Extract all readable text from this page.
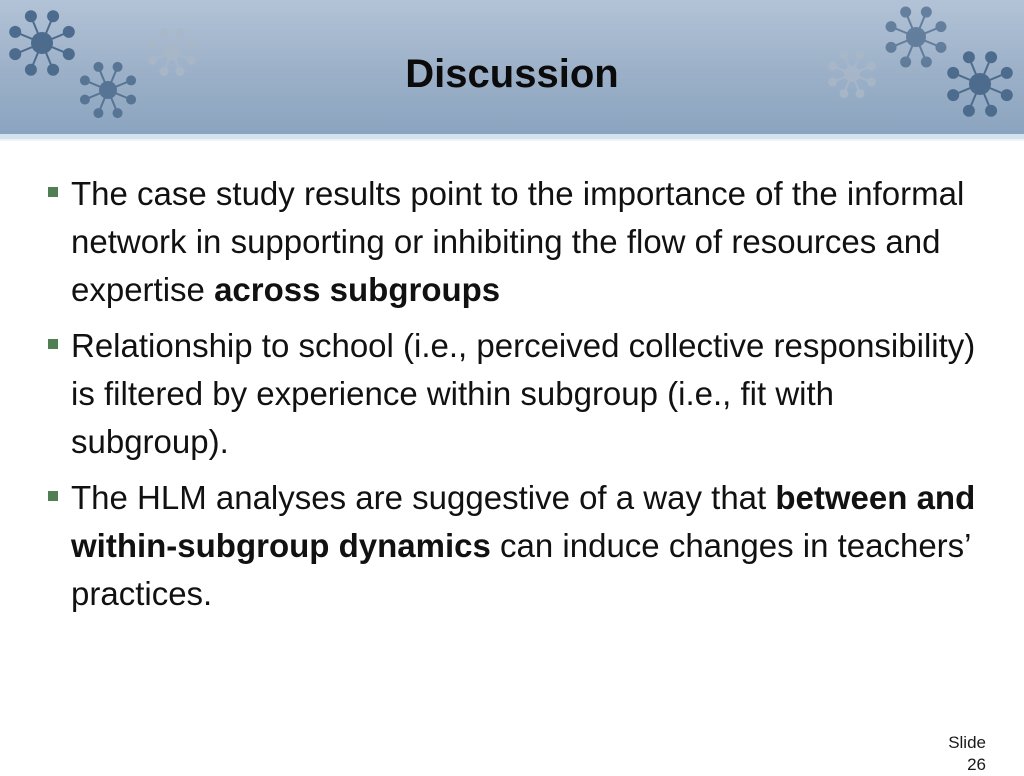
Discussion
The case study results point to the importance of the informal network in supporting or inhibiting the flow of resources and expertise across subgroups
Relationship to school (i.e., perceived collective responsibility) is filtered by experience within subgroup (i.e., fit with subgroup).
The HLM analyses are suggestive of a way that between and within-subgroup dynamics can induce changes in teachers’ practices.
Slide
26
